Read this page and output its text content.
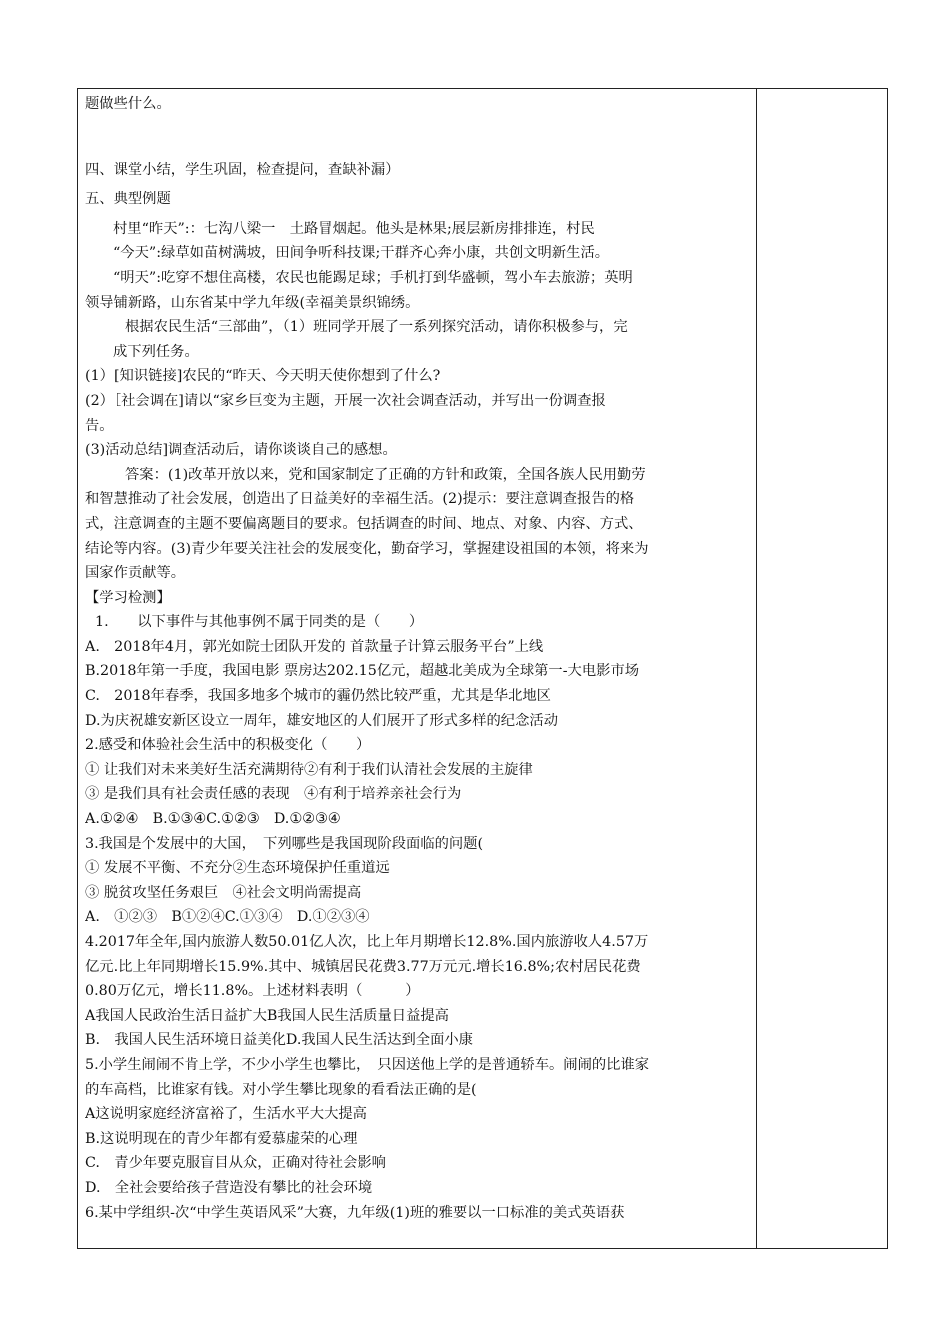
题做些什么。
四、课堂小结，学生巩固，检查提问，查缺补漏）
五、典型例题
村里“昨天”:：七沟八梁一　土路冒烟起。他头是林果;展层新房排排连，村民
“今天”:绿草如苗树满坡，田间争听科技课;干群齐心奔小康，共创文明新生活。
“明天”:吃穿不想住高楼，农民也能踢足球；手机打到华盛顿，驾小车去旅游；英明
领导铺新路，山东省某中学九年级(幸福美景织锦绣。
根据农民生活“三部曲”，（1）班同学开展了一系列探究活动，请你积极参与，完
成下列任务。
(1）[知识链接]农民的“昨天、今天明天使你想到了什么?
(2）［社会调在]请以“家乡巨变为主题，开展一次社会调查活动，并写出一份调查报
告。
(3)活动总结]调查活动后，请你谈谈自己的感想。
答案：(1)改革开放以来，党和国家制定了正确的方针和政策，全国各族人民用勤劳
和智慧推动了社会发展，创造出了日益美好的幸福生活。(2)提示：要注意调查报告的格
式，注意调查的主题不要偏离题目的要求。包括调查的时间、地点、对象、内容、方式、
结论等内容。(3)青少年要关注社会的发展变化，勤奋学习，掌握建设祖国的本领，将来为
国家作贡献等。
【学习检测】
1.　　以下事件与其他事例不属于同类的是（　　）
A.　2018年4月，郭光如院士团队开发的 首款量子计算云服务平台”上线
B.2018年第一手度，我国电影 票房达202.15亿元，超越北美成为全球第一-大电影市场
C.　2018年春季，我国多地多个城市的霾仍然比较严重，尤其是华北地区
D.为庆祝雄安新区设立一周年，雄安地区的人们展开了形式多样的纪念活动
2.感受和体验社会生活中的积极变化（　　）
① 让我们对未来美好生活充满期待②有利于我们认清社会发展的主旋律
③ 是我们具有社会责任感的表现　④有利于培养亲社会行为
A.①②④　B.①③④C.①②③　D.①②③④
3.我国是个发展中的大国，　下列哪些是我国现阶段面临的问题(
① 发展不平衡、不充分②生态环境保护任重道远
③ 脱贫攻坚任务艰巨　④社会文明尚需提高
A.　①②③　B①②④C.①③④　D.①②③④
4.2017年全年,国内旅游人数50.01亿人次，比上年月期增长12.8%.国内旅游收人4.57万
亿元.比上年同期增长15.9%.其中、城镇居民花费3.77万元元.增长16.8%;农村居民花费
0.80万亿元，增长11.8%。上述材料表明（　　　）
A我国人民政治生活日益扩大B我国人民生活质量日益提高
B.　我国人民生活环境日益美化D.我国人民生活达到全面小康
5.小学生闹闹不肯上学，不少小学生也攀比，　只因送他上学的是普通轿车。闹闹的比谁家
的车高档，比谁家有钱。对小学生攀比现象的看看法正确的是(
A这说明家庭经济富裕了，生活水平大大提高
B.这说明现在的青少年都有爱慕虚荣的心理
C.　青少年要克服盲目从众，正确对待社会影响
D.　全社会要给孩子营造没有攀比的社会环境
6.某中学组织-次“中学生英语风采”大赛，九年级(1)班的雅要以一口标准的美式英语获
